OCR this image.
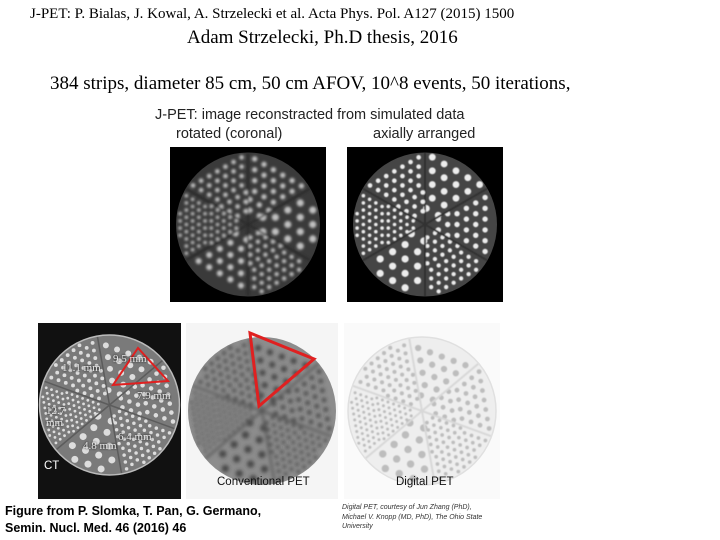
J-PET: P. Bialas, J. Kowal, A. Strzelecki et al. Acta Phys. Pol. A127 (2015) 1500
Adam Strzelecki, Ph.D thesis, 2016
384 strips, diameter 85 cm, 50 cm AFOV, 10^8 events, 50 iterations,
J-PET: image reconstracted from simulated data
rotated (coronal)	axially arranged
11.1 mm
9.5 mm
7.9 mm
12.7 mm
4.8 mm
6.4 mm
CT
Conventional PET	Digital PET
Figure from P. Slomka, T. Pan, G. Germano,
Semin. Nucl. Med. 46 (2016) 46
Digital PET, courtesy of Jun Zhang (PhD),
Michael V. Knopp (MD, PhD), The Ohio State
University
